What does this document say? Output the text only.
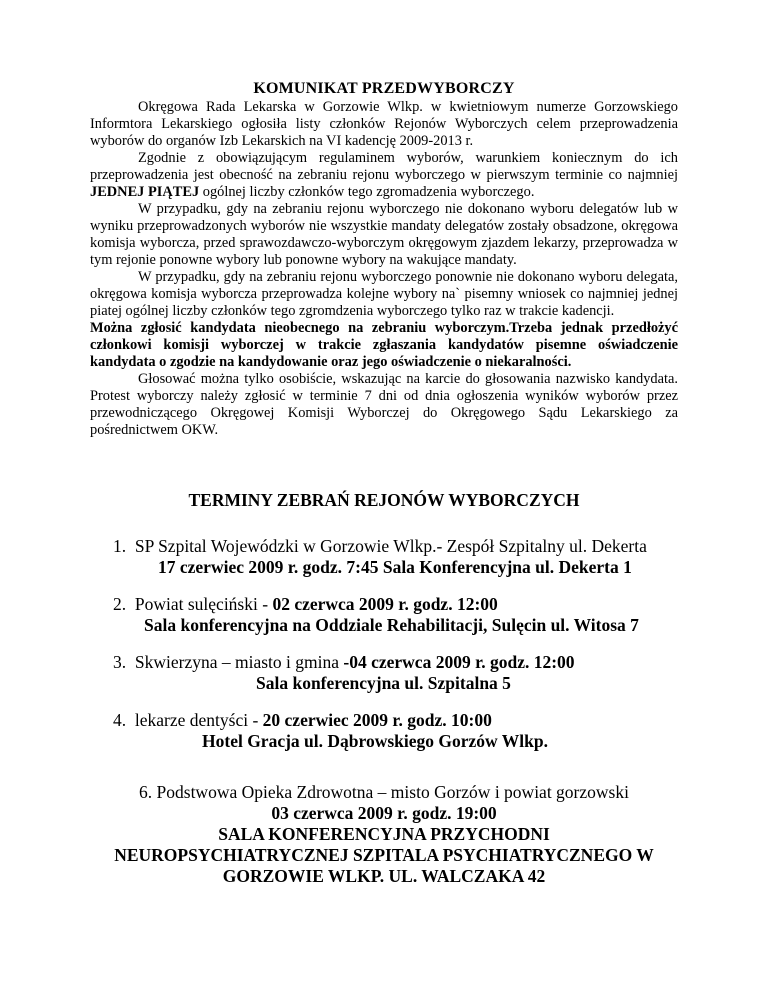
KOMUNIKAT PRZEDWYBORCZY

Okręgowa Rada Lekarska w Gorzowie Wlkp. w kwietniowym numerze Gorzowskiego Informtora Lekarskiego ogłosiła listy członków Rejonów Wyborczych celem przeprowadzenia wyborów do organów Izb Lekarskich na VI kadencję 2009-2013 r.

Zgodnie z obowiązującym regulaminem wyborów, warunkiem koniecznym do ich przeprowadzenia jest obecność na zebraniu rejonu wyborczego w pierwszym terminie co najmniej JEDNEJ PIĄTEJ ogólnej liczby członków tego zgromadzenia wyborczego.

W przypadku, gdy na zebraniu rejonu wyborczego nie dokonano wyboru delegatów lub w wyniku przeprowadzonych wyborów nie wszystkie mandaty delegatów zostały obsadzone, okręgowa komisja wyborcza, przed sprawozdawczo-wyborczym okręgowym zjazdem lekarzy, przeprowadza w tym rejonie ponowne wybory lub ponowne wybory na wakujące mandaty.

W przypadku, gdy na zebraniu rejonu wyborczego ponownie nie dokonano wyboru delegata, okręgowa komisja wyborcza przeprowadza kolejne wybory na` pisemny wniosek co najmniej jednej piatej ogólnej liczby członków tego zgromdzenia wyborczego tylko raz w trakcie kadencji.

Można zgłosić kandydata nieobecnego na zebraniu wyborczym.Trzeba jednak przedłożyć członkowi komisji wyborczej w trakcie zgłaszania kandydatów pisemne oświadczenie kandydata o zgodzie na kandydowanie oraz jego oświadczenie o niekaralności.

Głosować można tylko osobiście, wskazując na karcie do głosowania nazwisko kandydata. Protest wyborczy należy zgłosić w terminie 7 dni od dnia ogłoszenia wyników wyborów przez przewodniczącego Okręgowej Komisji Wyborczej do Okręgowego Sądu Lekarskiego za pośrednictwem OKW.

TERMINY ZEBRAŃ REJONÓW WYBORCZYCH
1. SP Szpital Wojewódzki w Gorzowie Wlkp.- Zespół Szpitalny ul. Dekerta
17 czerwiec 2009 r. godz. 7:45 Sala Konferencyjna ul. Dekerta 1
2. Powiat sulęciński - 02 czerwca 2009 r. godz. 12:00
Sala konferencyjna na Oddziale Rehabilitacji, Sulęcin ul. Witosa 7
3. Skwierzyna – miasto i gmina -04 czerwca 2009 r. godz. 12:00
Sala konferencyjna ul. Szpitalna 5
4. lekarze dentyści - 20 czerwiec 2009 r. godz. 10:00
Hotel Gracja ul. Dąbrowskiego Gorzów Wlkp.
6. Podstwowa Opieka Zdrowotna – misto Gorzów i powiat gorzowski
03 czerwca 2009 r. godz. 19:00
SALA KONFERENCYJNA PRZYCHODNI
NEUROPSYCHIATRYCZNEJ SZPITALA PSYCHIATRYCZNEGO W
GORZOWIE WLKP. UL. WALCZAKA 42
